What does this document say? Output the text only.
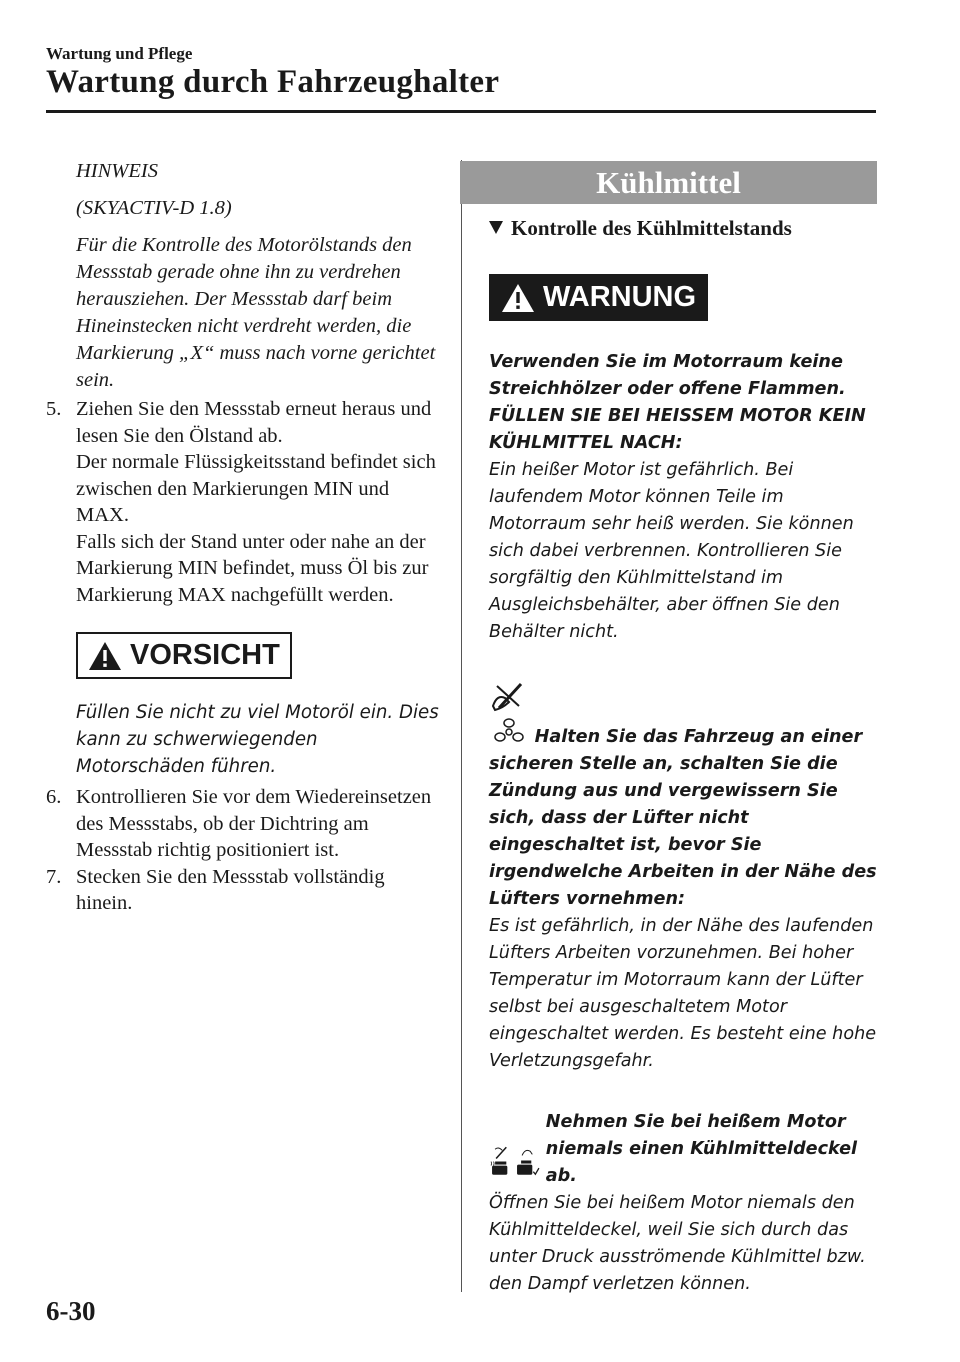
Wartung und Pflege
Wartung durch Fahrzeughalter

HINWEIS

(SKYACTIV-D 1.8)

Für die Kontrolle des Motorölstands den Messstab gerade ohne ihn zu verdrehen herausziehen. Der Messstab darf beim Hineinstecken nicht verdreht werden, die Markierung „X“ muss nach vorne gerichtet sein.

5. Ziehen Sie den Messstab erneut heraus und lesen Sie den Ölstand ab.

Der normale Flüssigkeitsstand befindet sich zwischen den Markierungen MIN und MAX.

Falls sich der Stand unter oder nahe an der Markierung MIN befindet, muss Öl bis zur Markierung MAX nachgefüllt werden.

VORSICHT
Füllen Sie nicht zu viel Motoröl ein. Dies kann zu schwerwiegenden Motorschäden führen.
6. Kontrollieren Sie vor dem Wiedereinsetzen des Messstabs, ob der Dichtring am Messstab richtig positioniert ist.

7. Stecken Sie den Messstab vollständig hinein.

Kühlmittel
Kontrolle des Kühlmittelstands
WARNUNG
Verwenden Sie im Motorraum keine Streichhölzer oder offene Flammen.
FÜLLEN SIE BEI HEISSEM MOTOR KEIN KÜHLMITTEL NACH:
Ein heißer Motor ist gefährlich. Bei laufendem Motor können Teile im Motorraum sehr heiß werden. Sie können sich dabei verbrennen. Kontrollieren Sie sorgfältig den Kühlmittelstand im Ausgleichsbehälter, aber öffnen Sie den Behälter nicht.
Halten Sie das Fahrzeug an einer sicheren Stelle an, schalten Sie die Zündung aus und vergewissern Sie sich, dass der Lüfter nicht eingeschaltet ist, bevor Sie irgendwelche Arbeiten in der Nähe des Lüfters vornehmen:
Es ist gefährlich, in der Nähe des laufenden Lüfters Arbeiten vorzunehmen. Bei hoher Temperatur im Motorraum kann der Lüfter selbst bei ausgeschaltetem Motor eingeschaltet werden. Es besteht eine hohe Verletzungsgefahr.
Nehmen Sie bei heißem Motor niemals einen Kühlmitteldeckel ab.
Öffnen Sie bei heißem Motor niemals den Kühlmitteldeckel, weil Sie sich durch das unter Druck ausströmende Kühlmittel bzw. den Dampf verletzen können.
6-30
